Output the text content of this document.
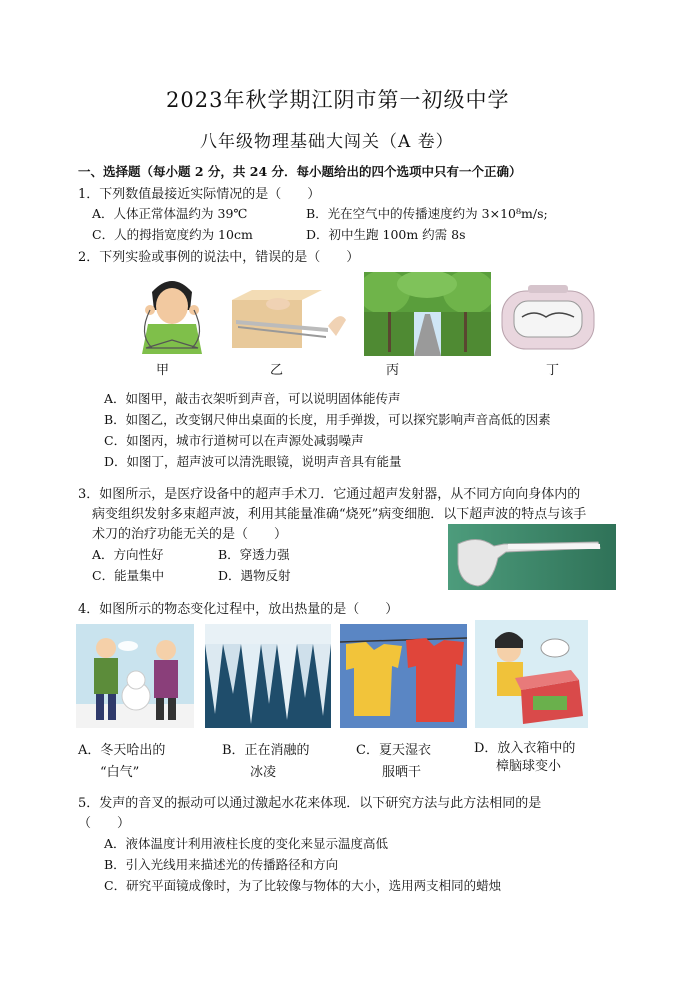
2023年秋学期江阴市第一初级中学
八年级物理基础大闯关（A 卷）
一、选择题（每小题 2 分，共 24 分．每小题给出的四个选项中只有一个正确）
1．下列数值最接近实际情况的是（　　）
A．人体正常体温约为 39℃	B．光在空气中的传播速度约为 3×10⁸m/s;
C．人的拇指宽度约为 10cm	D．初中生跑 100m 约需 8s
2．下列实验或事例的说法中，错误的是（　　）
甲	乙	丙	丁
A．如图甲，敲击衣架听到声音，可以说明固体能传声
B．如图乙，改变钢尺伸出桌面的长度，用手弹拨，可以探究影响声音高低的因素
C．如图丙，城市行道树可以在声源处减弱噪声
D．如图丁，超声波可以清洗眼镜，说明声音具有能量
3．如图所示，是医疗设备中的超声手术刀．它通过超声发射器，从不同方向向身体内的
病变组织发射多束超声波，利用其能量准确“烧死”病变细胞．以下超声波的特点与该手
术刀的治疗功能无关的是（　　）
A．方向性好	B．穿透力强
C．能量集中	D．遇物反射
4．如图所示的物态变化过程中，放出热量的是（　　）
A．冬天哈出的
“白气”
B．正在消融的
冰凌
C．夏天湿衣
服晒干
D．放入衣箱中的
樟脑球变小
5．发声的音叉的振动可以通过激起水花来体现．以下研究方法与此方法相同的是
（　　）
A．液体温度计利用液柱长度的变化来显示温度高低
B．引入光线用来描述光的传播路径和方向
C．研究平面镜成像时，为了比较像与物体的大小，选用两支相同的蜡烛
